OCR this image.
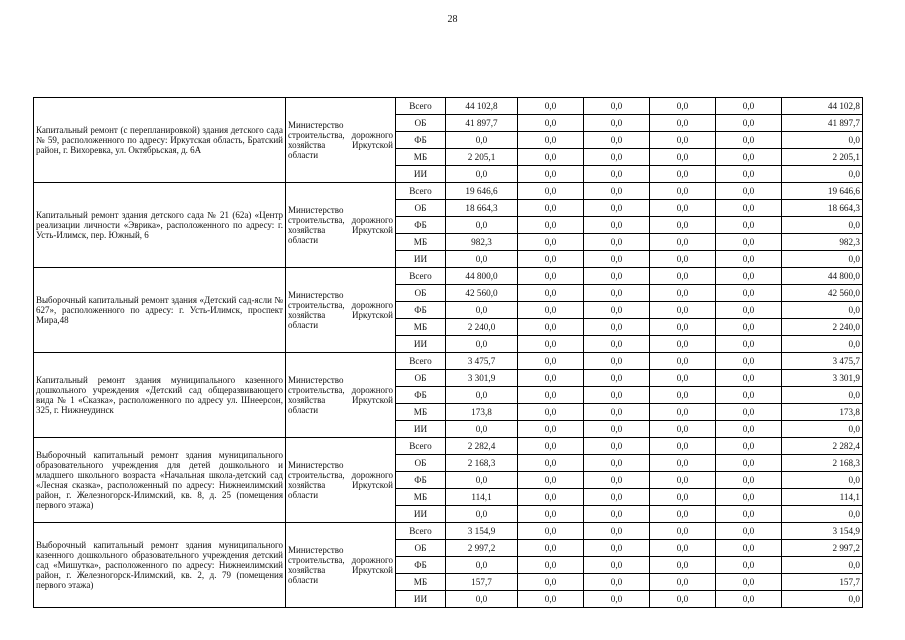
28
Капитальный ремонт (с перепланировкой) здания детского сада № 59, расположенного по адресу: Иркутская область, Братский район, г. Вихоревка, ул. Октябрьская, д. 6А	Министерство строительства, дорожного хозяйства Иркутской области	Всего	44 102,8	0,0	0,0	0,0	0,0	44 102,8
		ОБ	41 897,7	0,0	0,0	0,0	0,0	41 897,7
		ФБ	0,0	0,0	0,0	0,0	0,0	0,0
		МБ	2 205,1	0,0	0,0	0,0	0,0	2 205,1
		ИИ	0,0	0,0	0,0	0,0	0,0	0,0
Капитальный ремонт здания детского сада № 21 (62а) «Центр реализации личности «Эврика», расположенного по адресу: г. Усть-Илимск, пер. Южный, 6	Министерство строительства, дорожного хозяйства Иркутской области	Всего	19 646,6	0,0	0,0	0,0	0,0	19 646,6
		ОБ	18 664,3	0,0	0,0	0,0	0,0	18 664,3
		ФБ	0,0	0,0	0,0	0,0	0,0	0,0
		МБ	982,3	0,0	0,0	0,0	0,0	982,3
		ИИ	0,0	0,0	0,0	0,0	0,0	0,0
Выборочный капитальный ремонт здания «Детский сад-ясли № 627», расположенного по адресу: г. Усть-Илимск, проспект Мира,48	Министерство строительства, дорожного хозяйства Иркутской области	Всего	44 800,0	0,0	0,0	0,0	0,0	44 800,0
		ОБ	42 560,0	0,0	0,0	0,0	0,0	42 560,0
		ФБ	0,0	0,0	0,0	0,0	0,0	0,0
		МБ	2 240,0	0,0	0,0	0,0	0,0	2 240,0
		ИИ	0,0	0,0	0,0	0,0	0,0	0,0
Капитальный ремонт здания муниципального казенного дошкольного учреждения «Детский сад общеразвивающего вида № 1 «Сказка», расположенного по адресу ул. Шнеерсон, 325, г. Нижнеудинск	Министерство строительства, дорожного хозяйства Иркутской области	Всего	3 475,7	0,0	0,0	0,0	0,0	3 475,7
		ОБ	3 301,9	0,0	0,0	0,0	0,0	3 301,9
		ФБ	0,0	0,0	0,0	0,0	0,0	0,0
		МБ	173,8	0,0	0,0	0,0	0,0	173,8
		ИИ	0,0	0,0	0,0	0,0	0,0	0,0
Выборочный капитальный ремонт здания муниципального образовательного учреждения для детей дошкольного и младшего школьного возраста «Начальная школа-детский сад «Лесная сказка», расположенный по адресу: Нижнеилимский район, г. Железногорск-Илимский, кв. 8, д. 25 (помещения первого этажа)	Министерство строительства, дорожного хозяйства Иркутской области	Всего	2 282,4	0,0	0,0	0,0	0,0	2 282,4
		ОБ	2 168,3	0,0	0,0	0,0	0,0	2 168,3
		ФБ	0,0	0,0	0,0	0,0	0,0	0,0
		МБ	114,1	0,0	0,0	0,0	0,0	114,1
		ИИ	0,0	0,0	0,0	0,0	0,0	0,0
Выборочный капитальный ремонт здания муниципального казенного дошкольного образовательного учреждения детский сад «Мишутка», расположенного по адресу: Нижнеилимский район, г. Железногорск-Илимский, кв. 2, д. 79 (помещения первого этажа)	Министерство строительства, дорожного хозяйства Иркутской области	Всего	3 154,9	0,0	0,0	0,0	0,0	3 154,9
		ОБ	2 997,2	0,0	0,0	0,0	0,0	2 997,2
		ФБ	0,0	0,0	0,0	0,0	0,0	0,0
		МБ	157,7	0,0	0,0	0,0	0,0	157,7
		ИИ	0,0	0,0	0,0	0,0	0,0	0,0
